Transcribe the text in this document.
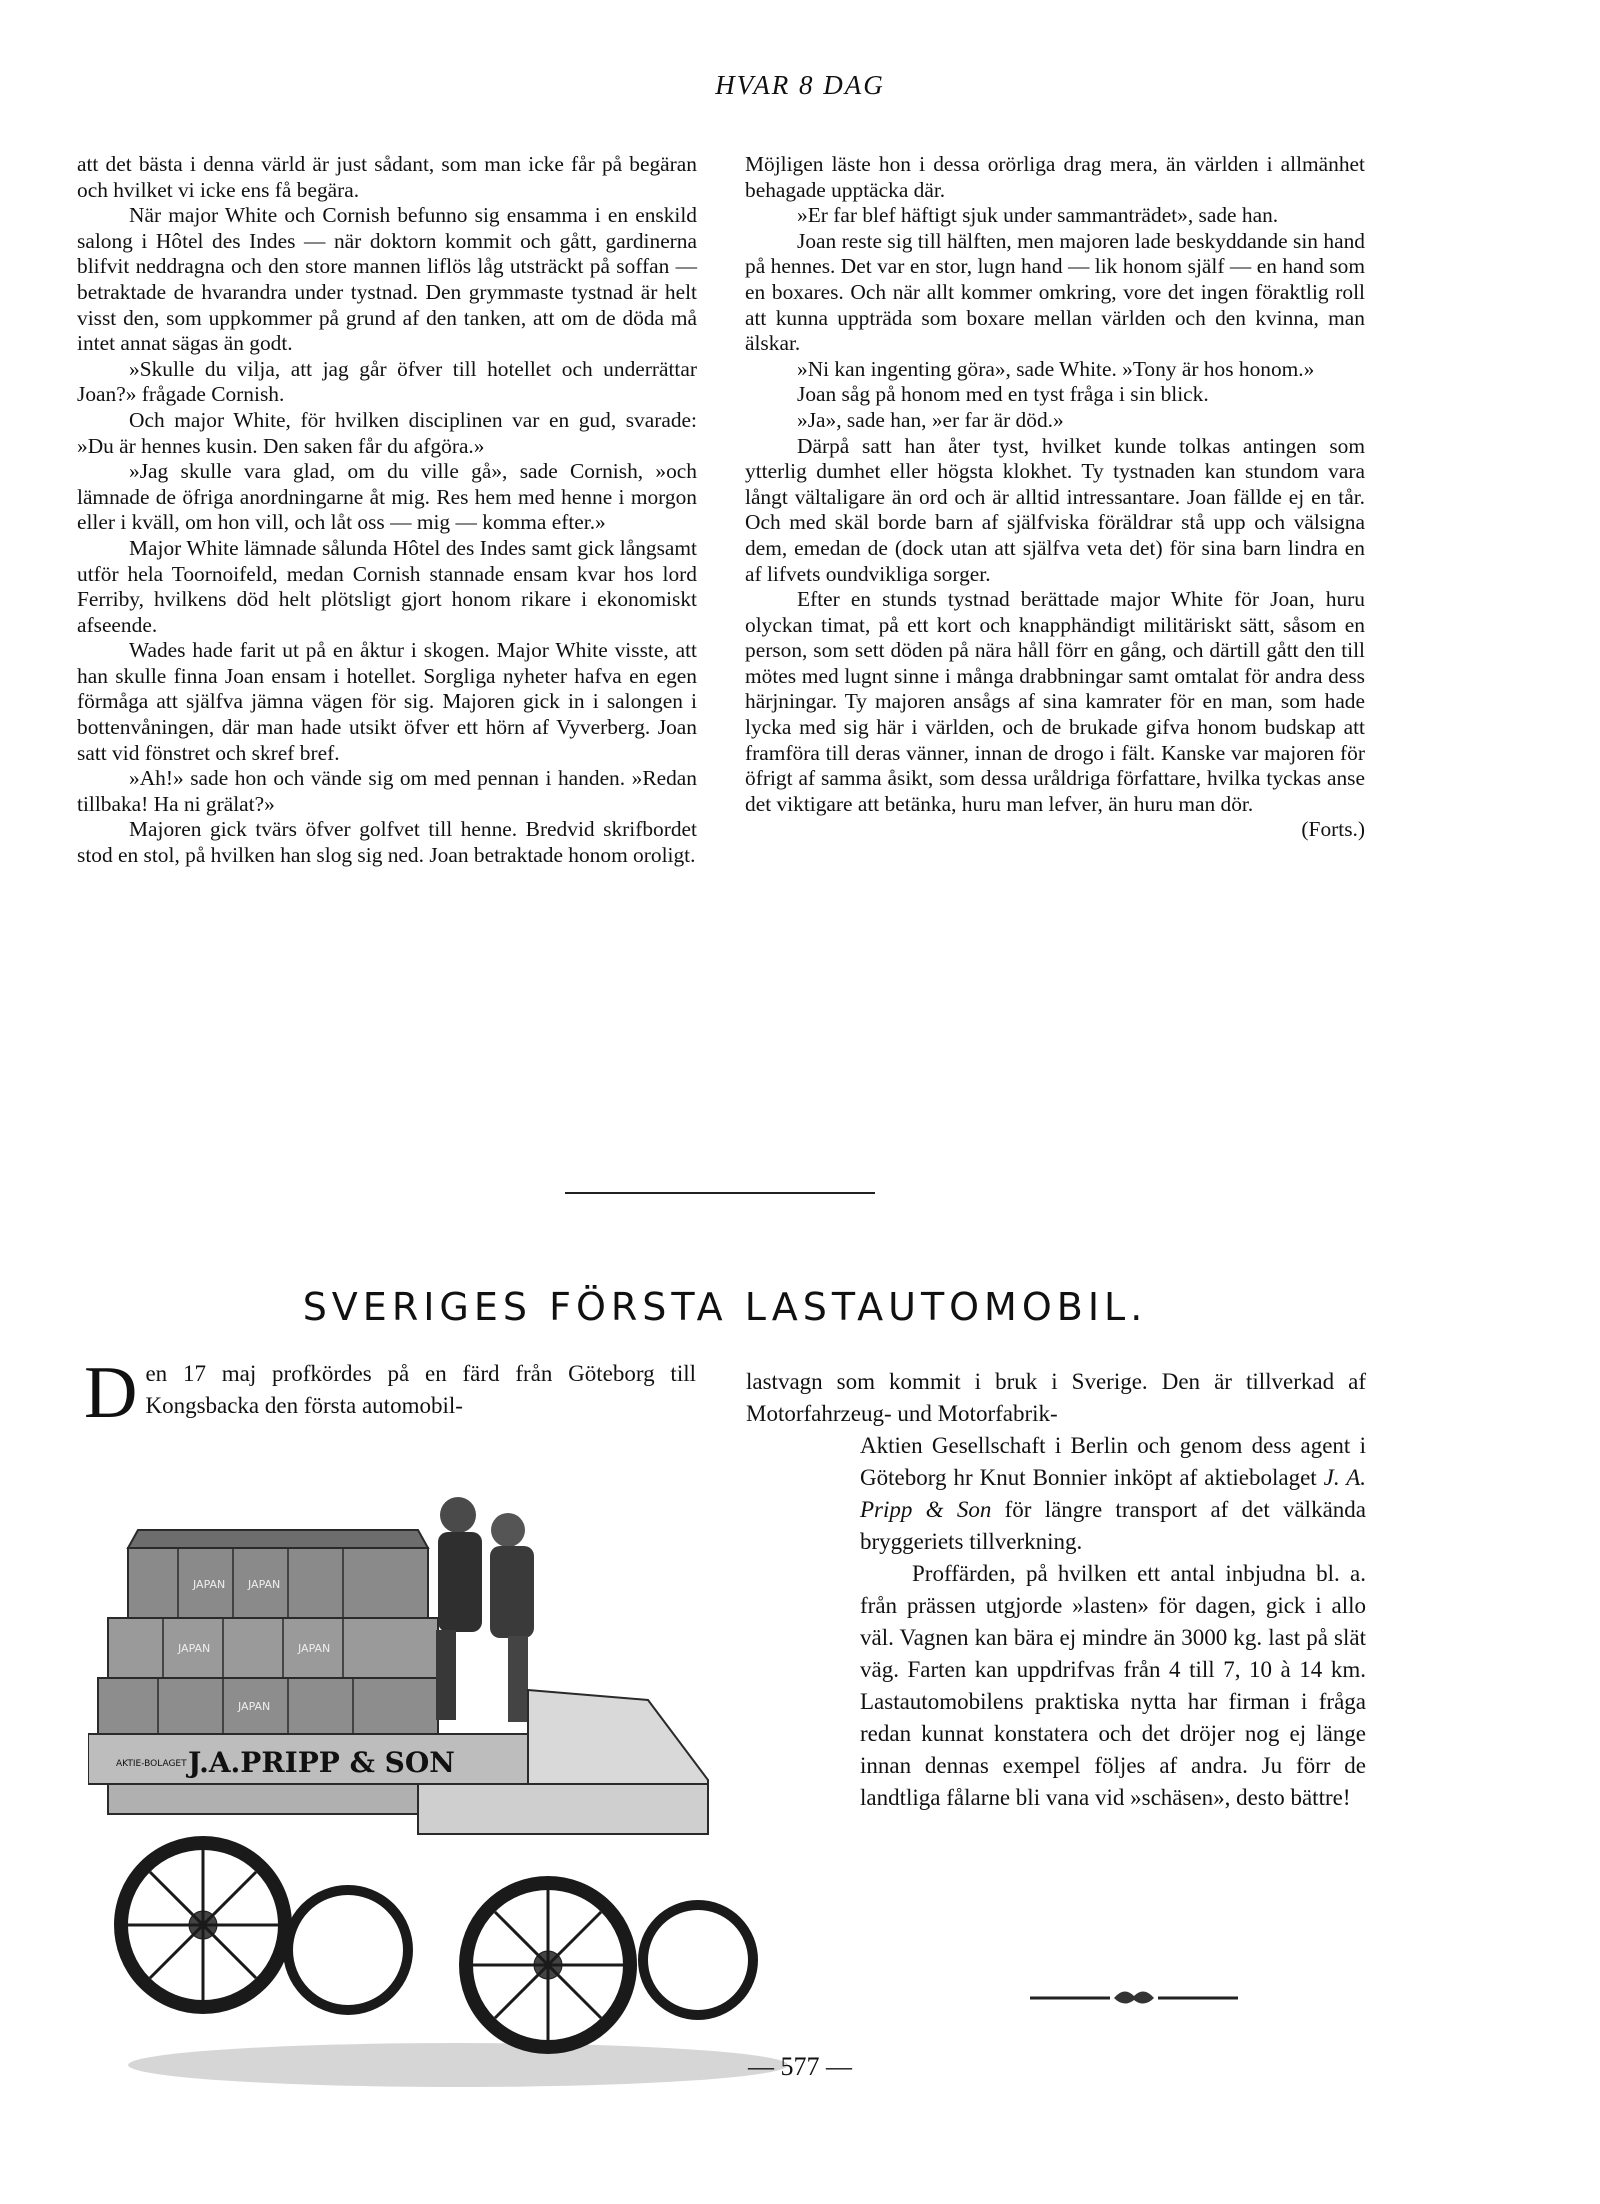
HVAR 8 DAG

att det bästa i denna värld är just sådant, som man icke får på begäran och hvilket vi icke ens få begära.

När major White och Cornish befunno sig ensamma i en enskild salong i Hôtel des Indes — när doktorn kommit och gått, gardinerna blifvit neddragna och den store mannen liflös låg utsträckt på soffan — betraktade de hvarandra under tystnad. Den grymmaste tystnad är helt visst den, som uppkommer på grund af den tanken, att om de döda må intet annat sägas än godt.

»Skulle du vilja, att jag går öfver till hotellet och underrättar Joan?» frågade Cornish.

Och major White, för hvilken disciplinen var en gud, svarade: »Du är hennes kusin. Den saken får du afgöra.»

»Jag skulle vara glad, om du ville gå», sade Cornish, »och lämnade de öfriga anordningarne åt mig. Res hem med henne i morgon eller i kväll, om hon vill, och låt oss — mig — komma efter.»

Major White lämnade sålunda Hôtel des Indes samt gick långsamt utför hela Toornoifeld, medan Cornish stannade ensam kvar hos lord Ferriby, hvilkens död helt plötsligt gjort honom rikare i ekonomiskt afseende.

Wades hade farit ut på en åktur i skogen. Major White visste, att han skulle finna Joan ensam i hotellet. Sorgliga nyheter hafva en egen förmåga att själfva jämna vägen för sig. Majoren gick in i salongen i bottenvåningen, där man hade utsikt öfver ett hörn af Vyverberg. Joan satt vid fönstret och skref bref.

»Ah!» sade hon och vände sig om med pennan i handen. »Redan tillbaka! Ha ni grälat?»

Majoren gick tvärs öfver golfvet till henne. Bredvid skrifbordet stod en stol, på hvilken han slog sig ned. Joan betraktade honom oroligt.

Möjligen läste hon i dessa orörliga drag mera, än världen i allmänhet behagade upptäcka där.

»Er far blef häftigt sjuk under sammanträdet», sade han.

Joan reste sig till hälften, men majoren lade beskyddande sin hand på hennes. Det var en stor, lugn hand — lik honom själf — en hand som en boxares. Och när allt kommer omkring, vore det ingen föraktlig roll att kunna uppträda som boxare mellan världen och den kvinna, man älskar.

»Ni kan ingenting göra», sade White. »Tony är hos honom.»

Joan såg på honom med en tyst fråga i sin blick.

»Ja», sade han, »er far är död.»

Därpå satt han åter tyst, hvilket kunde tolkas antingen som ytterlig dumhet eller högsta klokhet. Ty tystnaden kan stundom vara långt vältaligare än ord och är alltid intressantare. Joan fällde ej en tår. Och med skäl borde barn af själfviska föräldrar stå upp och välsigna dem, emedan de (dock utan att själfva veta det) för sina barn lindra en af lifvets oundvikliga sorger.

Efter en stunds tystnad berättade major White för Joan, huru olyckan timat, på ett kort och knapphändigt militäriskt sätt, såsom en person, som sett döden på nära håll förr en gång, och därtill gått den till mötes med lugnt sinne i många drabbningar samt omtalat för andra dess härjningar. Ty majoren ansågs af sina kamrater för en man, som hade lycka med sig här i världen, och de brukade gifva honom budskap att framföra till deras vänner, innan de drogo i fält. Kanske var majoren för öfrigt af samma åsikt, som dessa uråldriga författare, hvilka tyckas anse det viktigare att betänka, huru man lefver, än huru man dör.

SVERIGES FÖRSTA LASTAUTOMOBIL.
D en 17 maj profkördes på en färd från Göteborg till Kongsbacka den första automobil-
lastvagn som kommit i bruk i Sverige. Den är tillverkad af Motorfahrzeug- und Motorfabrik-

Aktien Gesellschaft i Berlin och genom dess agent i Göteborg hr Knut Bonnier inköpt af aktiebolaget J. A. Pripp & Son för längre transport af det välkända bryggeriets tillverkning.

Proffärden, på hvilken ett antal inbjudna bl. a. från prässen utgjorde »lasten» för dagen, gick i allo väl. Vagnen kan bära ej mindre än 3000 kg. last på slät väg. Farten kan uppdrifvas från 4 till 7, 10 à 14 km. Lastautomobilens praktiska nytta har firman i fråga redan kunnat konstatera och det dröjer nog ej länge innan dennas exempel följes af andra. Ju förr de landtliga fålarne bli vana vid »schäsen», desto bättre!

JAPAN JAPAN
JAPAN	JAPAN
JAPAN
AKTIE-BOLAGET J.A.PRIPP & SON
(Forts.)
— 577 —
